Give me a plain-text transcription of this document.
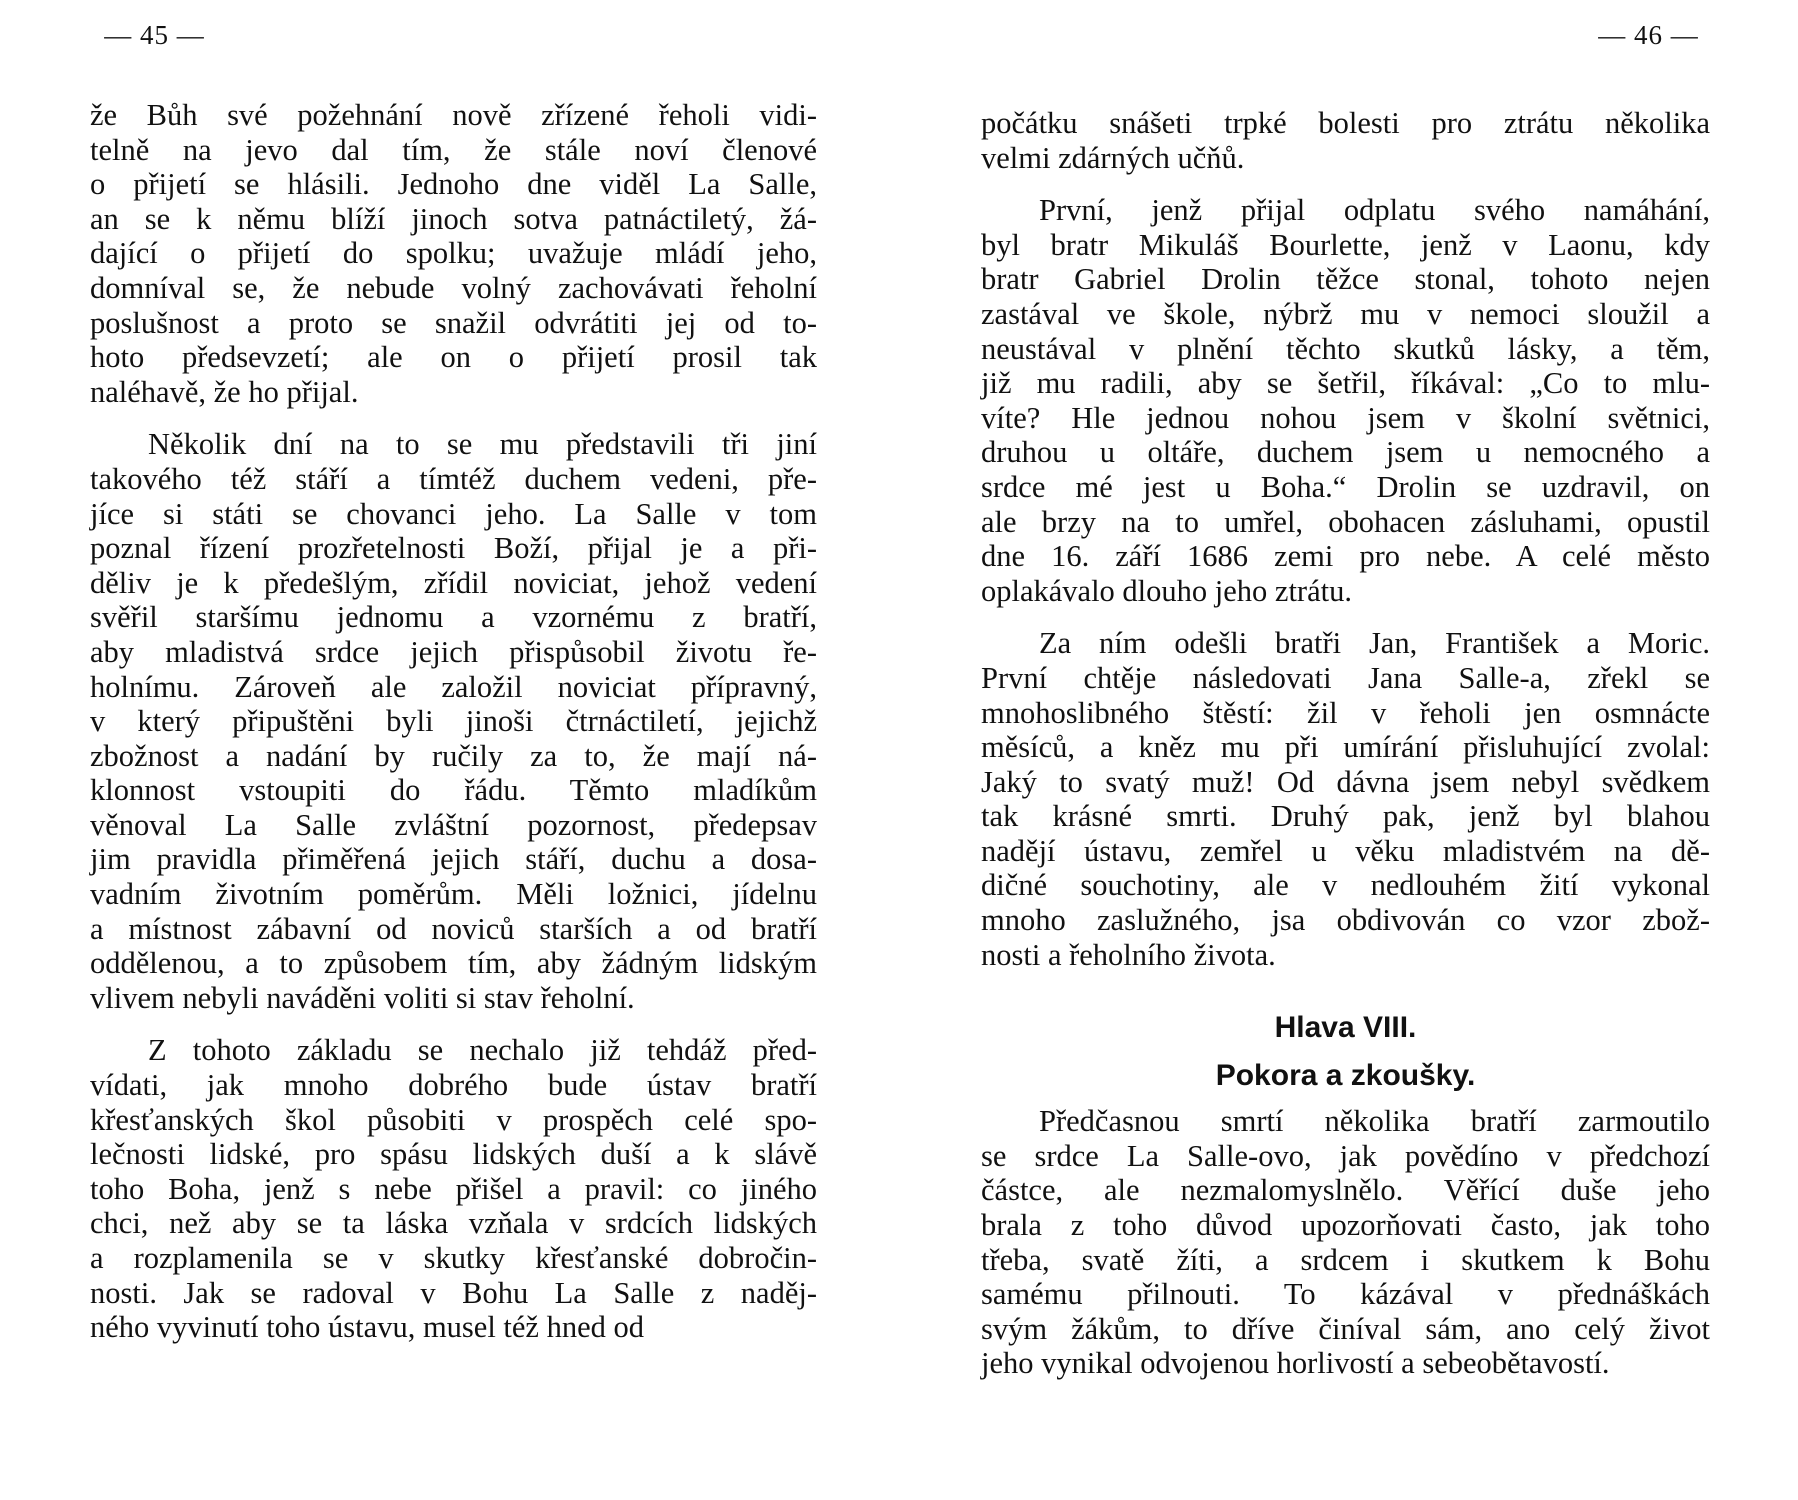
— 45 —
že Bůh své požehnání nově zřízené řeholi vidi-
telně na jevo dal tím, že stále noví členové
o přijetí se hlásili. Jednoho dne viděl La Salle,
an se k němu blíží jinoch sotva patnáctiletý, žá-
dající o přijetí do spolku; uvažuje mládí jeho,
domníval se, že nebude volný zachovávati řeholní
poslušnost a proto se snažil odvrátiti jej od to-
hoto předsevzetí; ale on o přijetí prosil tak
naléhavě, že ho přijal.
Několik dní na to se mu představili tři jiní
takového též stáří a tímtéž duchem vedeni, pře-
jíce si státi se chovanci jeho. La Salle v tom
poznal řízení prozřetelnosti Boží, přijal je a při-
děliv je k předešlým, zřídil noviciat, jehož vedení
svěřil staršímu jednomu a vzornému z bratří,
aby mladistvá srdce jejich přispůsobil životu ře-
holnímu. Zároveň ale založil noviciat přípravný,
v který připuštěni byli jinoši čtrnáctiletí, jejichž
zbožnost a nadání by ručily za to, že mají ná-
klonnost vstoupiti do řádu. Těmto mladíkům
věnoval La Salle zvláštní pozornost, předepsav
jim pravidla přiměřená jejich stáří, duchu a dosa-
vadním životním poměrům. Měli ložnici, jídelnu
a místnost zábavní od noviců starších a od bratří
oddělenou, a to způsobem tím, aby žádným lidským
vlivem nebyli naváděni voliti si stav řeholní.
Z tohoto základu se nechalo již tehdáž před-
vídati, jak mnoho dobrého bude ústav bratří
křesťanských škol působiti v prospěch celé spo-
lečnosti lidské, pro spásu lidských duší a k slávě
toho Boha, jenž s nebe přišel a pravil: co jiného
chci, než aby se ta láska vzňala v srdcích lidských
a rozplamenila se v skutky křesťanské dobročin-
nosti. Jak se radoval v Bohu La Salle z naděj-
ného vyvinutí toho ústavu, musel též hned od
— 46 —
počátku snášeti trpké bolesti pro ztrátu několika
velmi zdárných učňů.
První, jenž přijal odplatu svého namáhání,
byl bratr Mikuláš Bourlette, jenž v Laonu, kdy
bratr Gabriel Drolin těžce stonal, tohoto nejen
zastával ve škole, nýbrž mu v nemoci sloužil a
neustával v plnění těchto skutků lásky, a těm,
již mu radili, aby se šetřil, říkával: „Co to mlu-
víte? Hle jednou nohou jsem v školní světnici,
druhou u oltáře, duchem jsem u nemocného a
srdce mé jest u Boha.“ Drolin se uzdravil, on
ale brzy na to umřel, obohacen zásluhami, opustil
dne 16. září 1686 zemi pro nebe. A celé město
oplakávalo dlouho jeho ztrátu.
Za ním odešli bratři Jan, František a Moric.
První chtěje následovati Jana Salle-a, zřekl se
mnohoslibného štěstí: žil v řeholi jen osmnácte
měsíců, a kněz mu při umírání přisluhující zvolal:
Jaký to svatý muž! Od dávna jsem nebyl svědkem
tak krásné smrti. Druhý pak, jenž byl blahou
nadějí ústavu, zemřel u věku mladistvém na dě-
dičné souchotiny, ale v nedlouhém žití vykonal
mnoho zaslužného, jsa obdivován co vzor zbož-
nosti a řeholního života.
Hlava VIII.
Pokora a zkoušky.
Předčasnou smrtí několika bratří zarmoutilo
se srdce La Salle-ovo, jak povědíno v předchozí
částce, ale nezmalomyslnělo. Věřící duše jeho
brala z toho důvod upozorňovati často, jak toho
třeba, svatě žíti, a srdcem i skutkem k Bohu
samému přilnouti. To kázával v přednáškách
svým žákům, to dříve činíval sám, ano celý život
jeho vynikal odvojenou horlivostí a sebeobětavostí.
